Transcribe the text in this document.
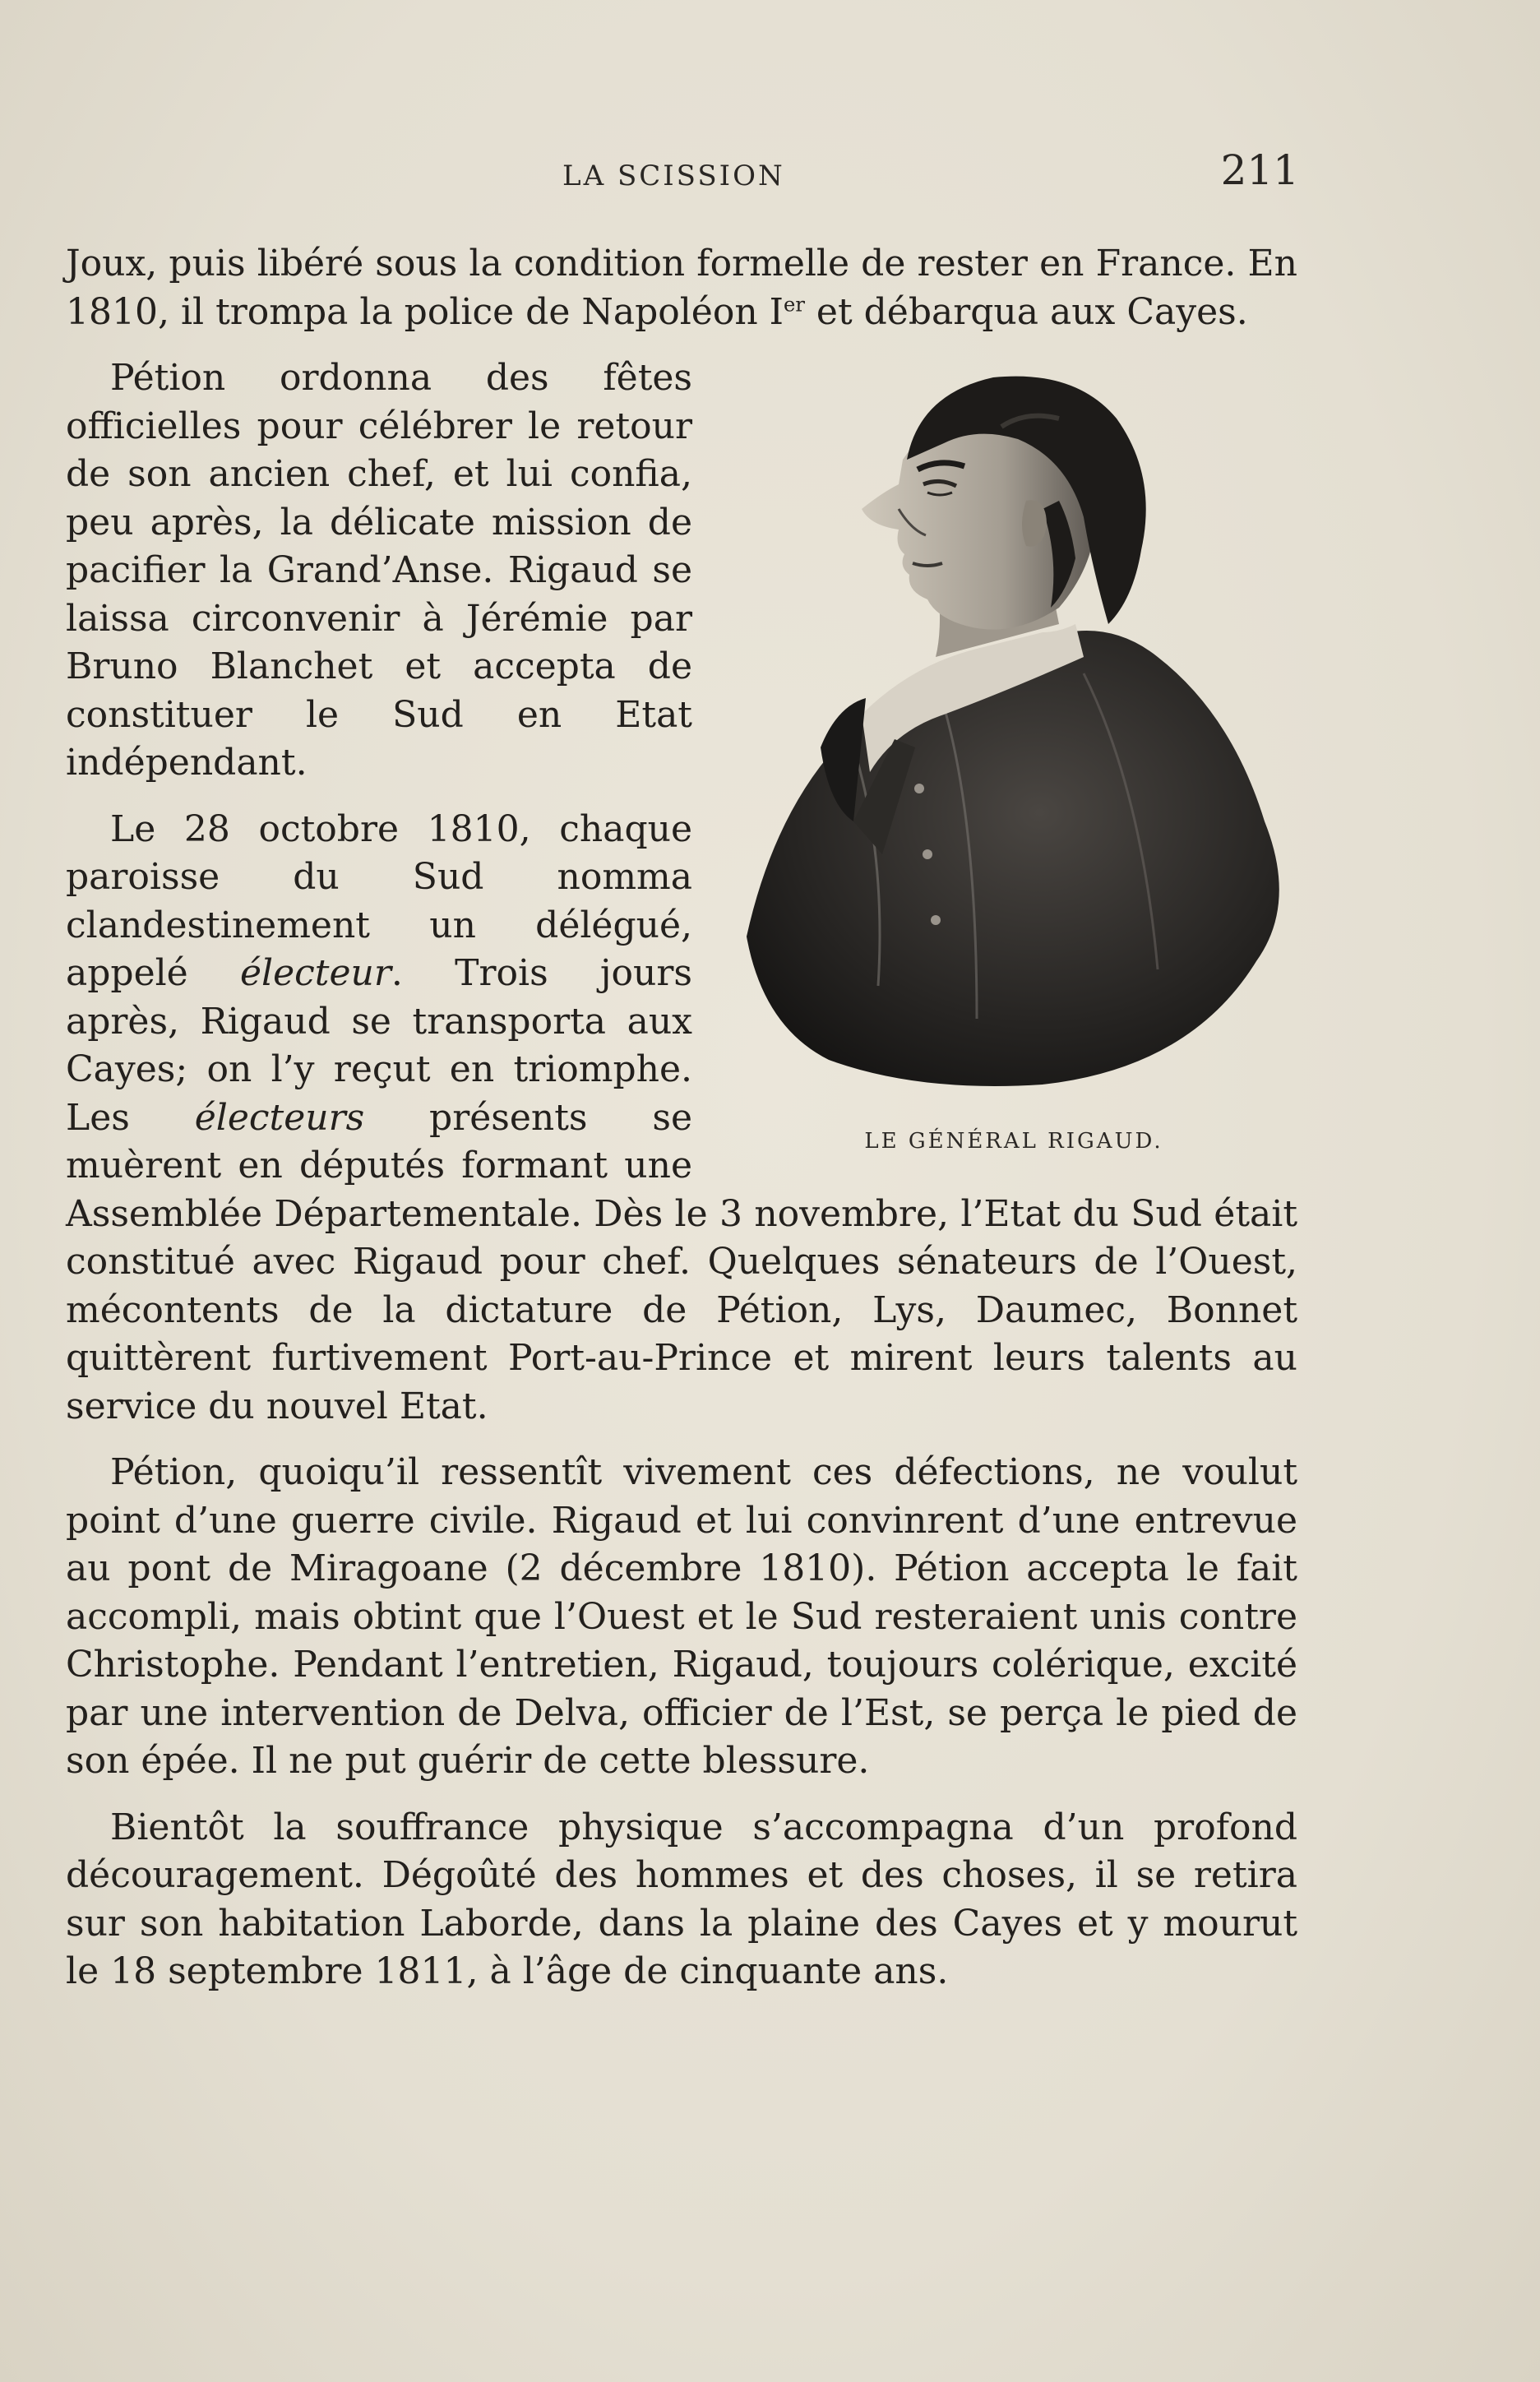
LA SCISSION	211

Joux, puis libéré sous la condition formelle de rester en France. En 1810, il trompa la police de Napoléon Ier et débarqua aux Cayes.

LE GÉNÉRAL RIGAUD.

Pétion ordonna des fêtes officielles pour célébrer le retour de son ancien chef, et lui confia, peu après, la délicate mission de pacifier la Grand’Anse. Rigaud se laissa circonvenir à Jérémie par Bruno Blanchet et accepta de constituer le Sud en Etat indépendant.

Le 28 octobre 1810, chaque paroisse du Sud nomma clandestinement un délégué, appelé électeur. Trois jours après, Rigaud se transporta aux Cayes; on l’y reçut en triomphe. Les électeurs présents se muèrent en députés formant une Assemblée Départementale. Dès le 3 novembre, l’Etat du Sud était constitué avec Rigaud pour chef. Quelques sénateurs de l’Ouest, mécontents de la dictature de Pétion, Lys, Daumec, Bonnet quittèrent furtivement Port-au-Prince et mirent leurs talents au service du nouvel Etat.

Pétion, quoiqu’il ressentît vivement ces défections, ne voulut point d’une guerre civile. Rigaud et lui convinrent d’une entrevue au pont de Miragoane (2 décembre 1810). Pétion accepta le fait accompli, mais obtint que l’Ouest et le Sud resteraient unis contre Christophe. Pendant l’entretien, Rigaud, toujours colérique, excité par une intervention de Delva, officier de l’Est, se perça le pied de son épée. Il ne put guérir de cette blessure.

Bientôt la souffrance physique s’accompagna d’un profond découragement. Dégoûté des hommes et des choses, il se retira sur son habitation Laborde, dans la plaine des Cayes et y mourut le 18 septembre 1811, à l’âge de cinquante ans.
